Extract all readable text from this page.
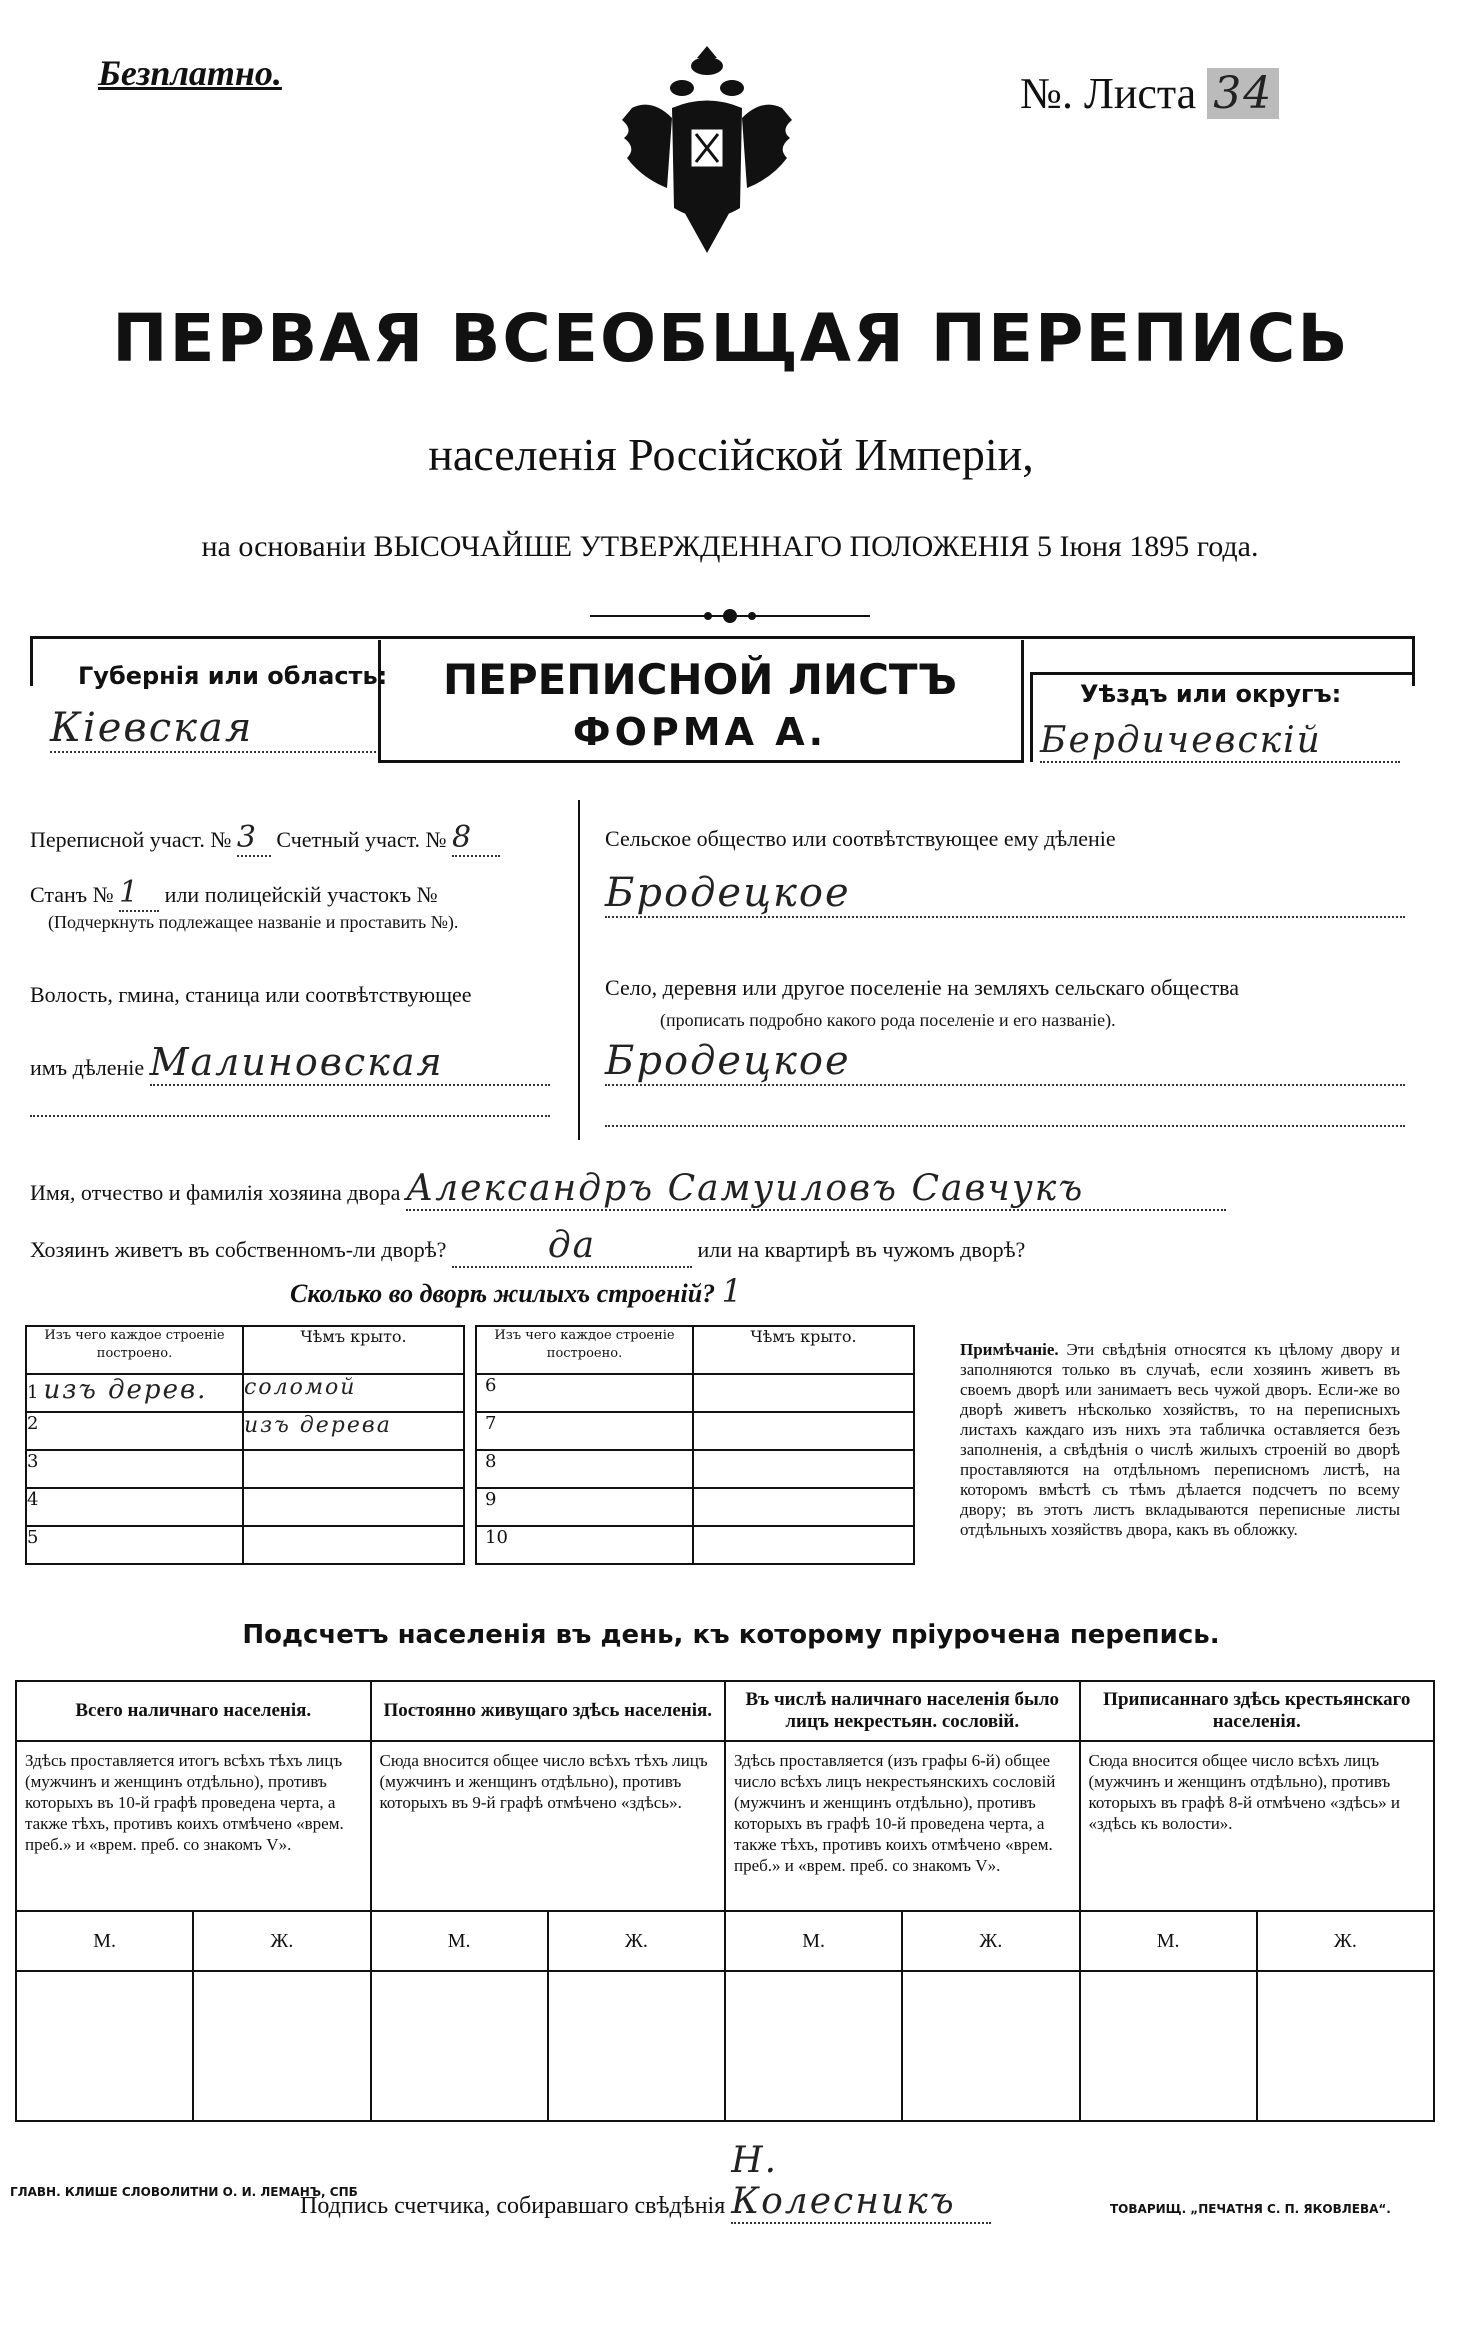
Безплатно.	№. Листа 34
ПЕРВАЯ ВСЕОБЩАЯ ПЕРЕПИСЬ
населенія Россійской Имперіи,
на основаніи ВЫСОЧАЙШЕ УТВЕРЖДЕННАГО ПОЛОЖЕНІЯ 5 Іюня 1895 года.
Губернія или область:
Кіевская
ПЕРЕПИСНОЙ ЛИСТЪ
ФОРМА А.
Уѣздъ или округъ:
Бердичевскій
Переписной участ. № 3 Счетный участ. № 8
Станъ № 1 или полицейскій участокъ №
(Подчеркнуть подлежащее названіе и проставить №).
Волость, гмина, станица или соотвѣтствующее
имъ дѣленіе Малиновская
Сельское общество или соотвѣтствующее ему дѣленіе
Бродецкое
Село, деревня или другое поселеніе на земляхъ сельскаго общества
(прописать подробно какого рода поселеніе и его названіе).
Бродецкое
Имя, отчество и фамилія хозяина двора Александръ Самуиловъ Савчукъ
Хозяинъ живетъ въ собственномъ-ли дворѣ?	да	или на квартирѣ въ чужомъ дворѣ?
Сколько во дворѣ жилыхъ строеній? 1
Изъ чего каждое строеніе построено.	Чѣмъ крыто.
1 изъ дерев.	соломой
2	изъ дерева
3	
4	
5	
Изъ чего каждое строеніе построено.	Чѣмъ крыто.
6	
7	
8	
9	
10	
Примѣчаніе. Эти свѣдѣнія относятся къ цѣлому двору и заполняются только въ случаѣ, если хозяинъ живетъ въ своемъ дворѣ или занимаетъ весь чужой дворъ. Если-же во дворѣ живетъ нѣсколько хозяйствъ, то на переписныхъ листахъ каждаго изъ нихъ эта табличка оставляется безъ заполненія, а свѣдѣнія о числѣ жилыхъ строеній во дворѣ проставляются на отдѣльномъ переписномъ листѣ, на которомъ вмѣстѣ съ тѣмъ дѣлается подсчетъ по всему двору; въ этотъ листъ вкладываются переписные листы отдѣльныхъ хозяйствъ двора, какъ въ обложку.
Подсчетъ населенія въ день, къ которому пріурочена перепись.
Всего наличнаго населенія.		Постоянно живущаго здѣсь населенія.		Въ числѣ наличнаго населенія было лицъ некрестьян. сословій.		Приписаннаго здѣсь крестьянскаго населенія.	
Здѣсь проставляется итогъ всѣхъ тѣхъ лицъ (мужчинъ и женщинъ отдѣльно), противъ которыхъ въ 10-й графѣ проведена черта, а также тѣхъ, противъ коихъ отмѣчено «врем. преб.» и «врем. преб. со знакомъ V».		Сюда вносится общее число всѣхъ тѣхъ лицъ (мужчинъ и женщинъ отдѣльно), противъ которыхъ въ 9-й графѣ отмѣчено «здѣсь».		Здѣсь проставляется (изъ графы 6-й) общее число всѣхъ лицъ некрестьянскихъ сословій (мужчинъ и женщинъ отдѣльно), противъ которыхъ въ графѣ 10-й проведена черта, а также тѣхъ, противъ коихъ отмѣчено «врем. преб.» и «врем. преб. со знакомъ V».		Сюда вносится общее число всѣхъ лицъ (мужчинъ и женщинъ отдѣльно), противъ которыхъ въ графѣ 8-й отмѣчено «здѣсь» и «здѣсь къ волости».	
М.	Ж.	М.	Ж.	М.	Ж.	М.	Ж.

Подпись счетчика, собиравшаго свѣдѣнія Н. Колесникъ
ГЛАВН. КЛИШЕ СЛОВОЛИТНИ О. И. ЛЕМАНЪ, СПБ
ТОВАРИЩ. „ПЕЧАТНЯ С. П. ЯКОВЛЕВА“.
